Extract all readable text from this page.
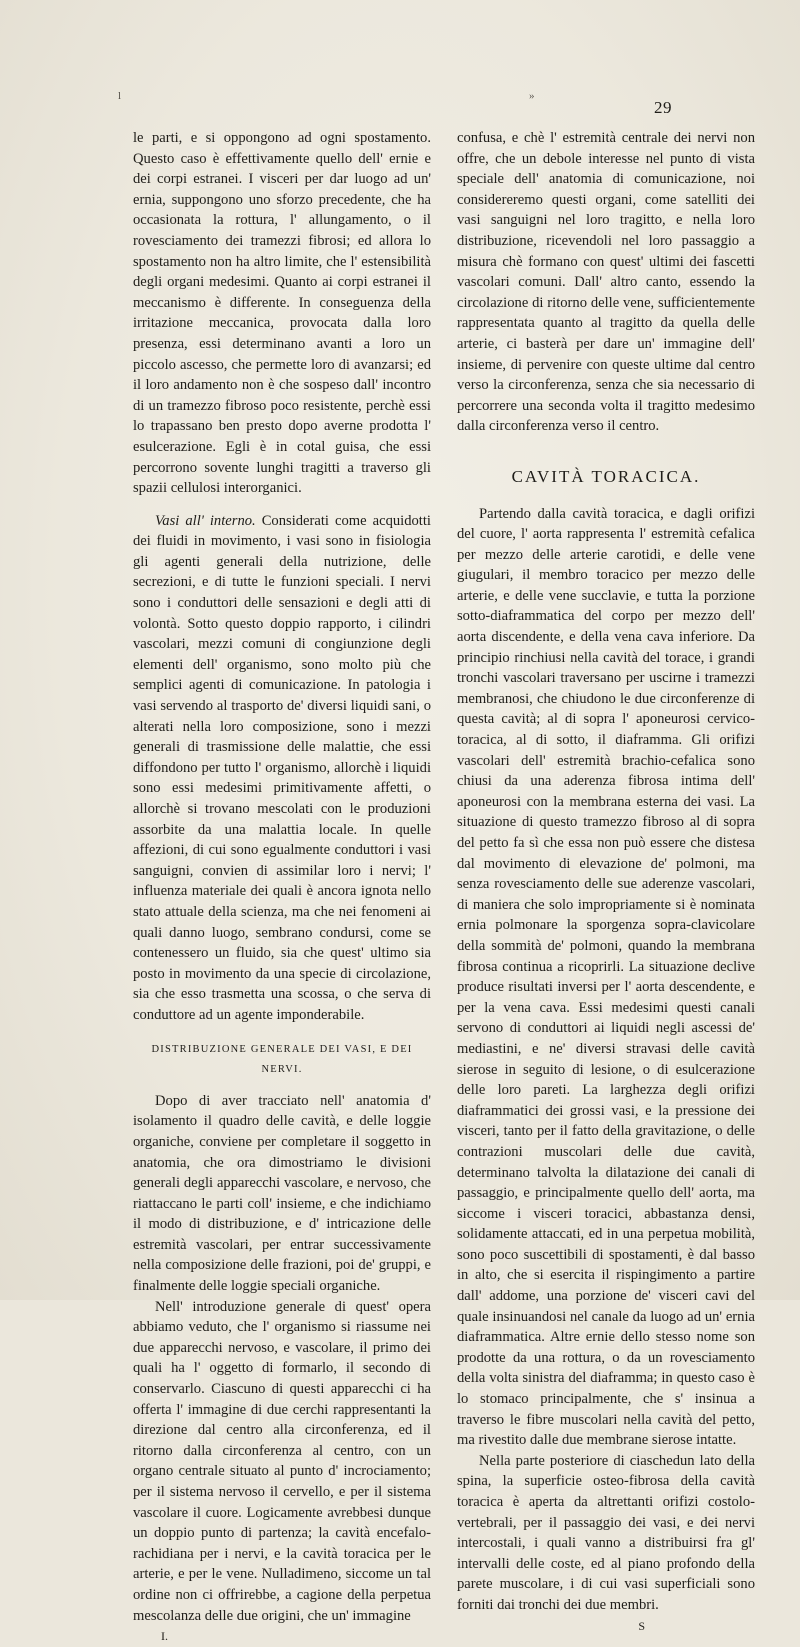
l	»
29

le parti, e si oppongono ad ogni spostamento. Questo caso è effettivamente quello dell' ernie e dei corpi estranei. I visceri per dar luogo ad un' ernia, suppongono uno sforzo precedente, che ha occasionata la rottura, l' allungamento, o il rovesciamento dei tramezzi fibrosi; ed allora lo spostamento non ha altro limite, che l' estensibilità degli organi medesimi. Quanto ai corpi estranei il meccanismo è differente. In conseguenza della irritazione meccanica, provocata dalla loro presenza, essi determinano avanti a loro un piccolo ascesso, che permette loro di avanzarsi; ed il loro andamento non è che sospeso dall' incontro di un tramezzo fibroso poco resistente, perchè essi lo trapassano ben presto dopo averne prodotta l' esulcerazione. Egli è in cotal guisa, che essi percorrono sovente lunghi tragitti a traverso gli spazii cellulosi interorganici.

Vasi all' interno. Considerati come acquidotti dei fluidi in movimento, i vasi sono in fisiologia gli agenti generali della nutrizione, delle secrezioni, e di tutte le funzioni speciali. I nervi sono i conduttori delle sensazioni e degli atti di volontà. Sotto questo doppio rapporto, i cilindri vascolari, mezzi comuni di congiunzione degli elementi dell' organismo, sono molto più che semplici agenti di comunicazione. In patologia i vasi servendo al trasporto de' diversi liquidi sani, o alterati nella loro composizione, sono i mezzi generali di trasmissione delle malattie, che essi diffondono per tutto l' organismo, allorchè i liquidi sono essi medesimi primitivamente affetti, o allorchè si trovano mescolati con le produzioni assorbite da una malattia locale. In quelle affezioni, di cui sono egualmente conduttori i vasi sanguigni, convien di assimilar loro i nervi; l' influenza materiale dei quali è ancora ignota nello stato attuale della scienza, ma che nei fenomeni ai quali danno luogo, sembrano condursi, come se contenessero un fluido, sia che quest' ultimo sia posto in movimento da una specie di circolazione, sia che esso trasmetta una scossa, o che serva di conduttore ad un agente imponderabile.

DISTRIBUZIONE GENERALE DEI VASI, E DEI NERVI.

Dopo di aver tracciato nell' anatomia d' isolamento il quadro delle cavità, e delle loggie organiche, conviene per completare il soggetto in anatomia, che ora dimostriamo le divisioni generali degli apparecchi vascolare, e nervoso, che riattaccano le parti coll' insieme, e che indichiamo il modo di distribuzione, e d' intricazione delle estremità vascolari, per entrar successivamente nella composizione delle frazioni, poi de' gruppi, e finalmente delle loggie speciali organiche.

Nell' introduzione generale di quest' opera abbiamo veduto, che l' organismo si riassume nei due apparecchi nervoso, e vascolare, il primo dei quali ha l' oggetto di formarlo, il secondo di conservarlo. Ciascuno di questi apparecchi ci ha offerta l' immagine di due cerchi rappresentanti la direzione dal centro alla circonferenza, ed il ritorno dalla circonferenza al centro, con un organo centrale situato al punto d' incrociamento; per il sistema nervoso il cervello, e per il sistema vascolare il cuore. Logicamente avrebbesi dunque un doppio punto di partenza; la cavità encefalo-rachidiana per i nervi, e la cavità toracica per le arterie, e per le vene. Nulladimeno, siccome un tal ordine non ci offrirebbe, a cagione della perpetua mescolanza delle due origini, che un' immagine

I.

confusa, e chè l' estremità centrale dei nervi non offre, che un debole interesse nel punto di vista speciale dell' anatomia di comunicazione, noi considereremo questi organi, come satelliti dei vasi sanguigni nel loro tragitto, e nella loro distribuzione, ricevendoli nel loro passaggio a misura chè formano con quest' ultimi dei fascetti vascolari comuni. Dall' altro canto, essendo la circolazione di ritorno delle vene, sufficientemente rappresentata quanto al tragitto da quella delle arterie, ci basterà per dare un' immagine dell' insieme, di pervenire con queste ultime dal centro verso la circonferenza, senza che sia necessario di percorrere una seconda volta il tragitto medesimo dalla circonferenza verso il centro.

CAVITÀ TORACICA.

Partendo dalla cavità toracica, e dagli orifizi del cuore, l' aorta rappresenta l' estremità cefalica per mezzo delle arterie carotidi, e delle vene giugulari, il membro toracico per mezzo delle arterie, e delle vene succlavie, e tutta la porzione sotto-diaframmatica del corpo per mezzo dell' aorta discendente, e della vena cava inferiore. Da principio rinchiusi nella cavità del torace, i grandi tronchi vascolari traversano per uscirne i tramezzi membranosi, che chiudono le due circonferenze di questa cavità; al di sopra l' aponeurosi cervico-toracica, al di sotto, il diaframma. Gli orifizi vascolari dell' estremità brachio-cefalica sono chiusi da una aderenza fibrosa intima dell' aponeurosi con la membrana esterna dei vasi. La situazione di questo tramezzo fibroso al di sopra del petto fa sì che essa non può essere che distesa dal movimento di elevazione de' polmoni, ma senza rovesciamento delle sue aderenze vascolari, di maniera che solo impropriamente si è nominata ernia polmonare la sporgenza sopra-clavicolare della sommità de' polmoni, quando la membrana fibrosa continua a ricoprirli. La situazione declive produce risultati inversi per l' aorta descendente, e per la vena cava. Essi medesimi questi canali servono di conduttori ai liquidi negli ascessi de' mediastini, e ne' diversi stravasi delle cavità sierose in seguito di lesione, o di esulcerazione delle loro pareti. La larghezza degli orifizi diaframmatici dei grossi vasi, e la pressione dei visceri, tanto per il fatto della gravitazione, o delle contrazioni muscolari delle due cavità, determinano talvolta la dilatazione dei canali di passaggio, e principalmente quello dell' aorta, ma siccome i visceri toracici, abbastanza densi, solidamente attaccati, ed in una perpetua mobilità, sono poco suscettibili di spostamenti, è dal basso in alto, che si esercita il rispingimento a partire dall' addome, una porzione de' visceri cavi del quale insinuandosi nel canale da luogo ad un' ernia diaframmatica. Altre ernie dello stesso nome son prodotte da una rottura, o da un rovesciamento della volta sinistra del diaframma; in questo caso è lo stomaco principalmente, che s' insinua a traverso le fibre muscolari nella cavità del petto, ma rivestito dalle due membrane sierose intatte.

Nella parte posteriore di ciaschedun lato della spina, la superficie osteo-fibrosa della cavità toracica è aperta da altrettanti orifizi costolo-vertebrali, per il passaggio dei vasi, e dei nervi intercostali, i quali vanno a distribuirsi fra gl' intervalli delle coste, ed al piano profondo della parete muscolare, i di cui vasi superficiali sono forniti dai tronchi dei due membri.

S
